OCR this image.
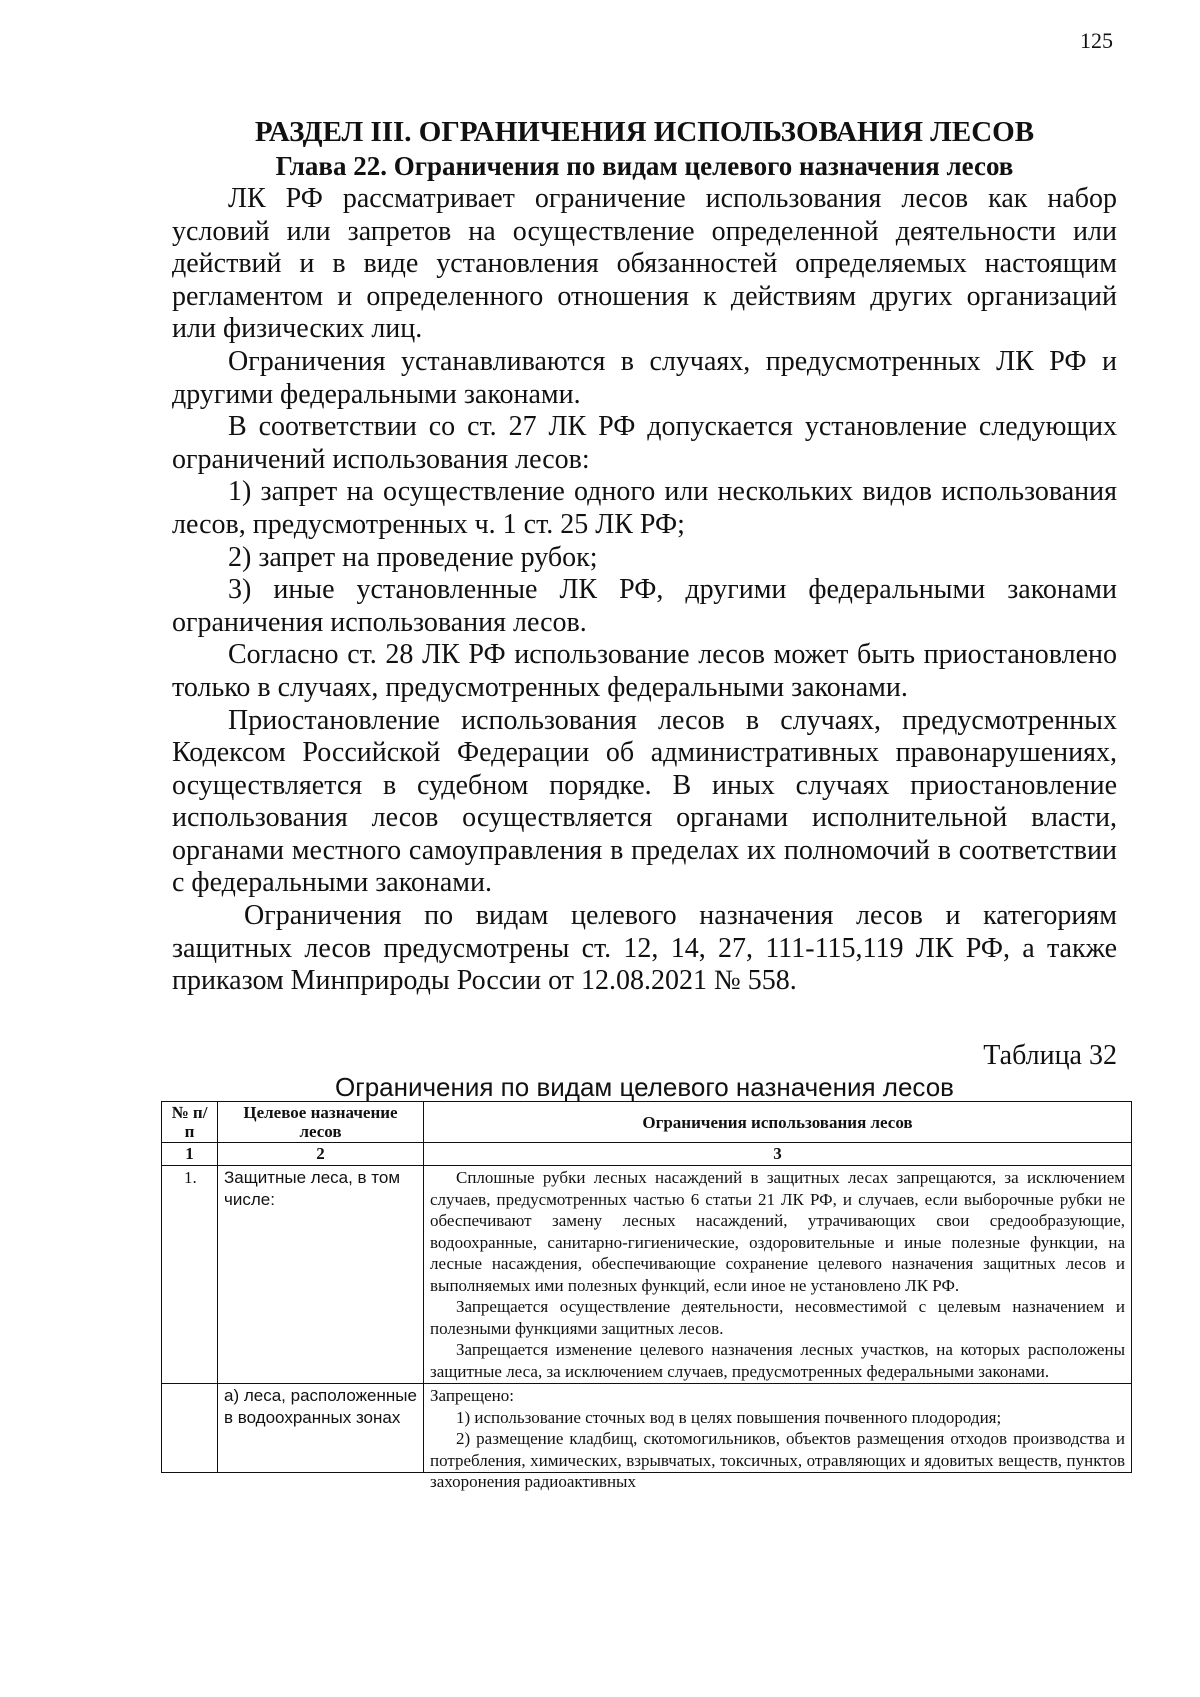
125
РАЗДЕЛ III. ОГРАНИЧЕНИЯ ИСПОЛЬЗОВАНИЯ ЛЕСОВ
Глава 22. Ограничения по видам целевого назначения лесов

ЛК РФ рассматривает ограничение использования лесов как набор условий или запретов на осуществление определенной деятельности или действий и в виде установления обязанностей определяемых настоящим регламентом и определенного отношения к действиям других организаций или физических лиц.

Ограничения устанавливаются в случаях, предусмотренных ЛК РФ и другими федеральными законами.

В соответствии со ст. 27 ЛК РФ допускается установление следующих ограничений использования лесов:

1) запрет на осуществление одного или нескольких видов использования лесов, предусмотренных ч. 1 ст. 25 ЛК РФ;

2) запрет на проведение рубок;

3) иные установленные ЛК РФ, другими федеральными законами ограничения использования лесов.

Согласно ст. 28 ЛК РФ использование лесов может быть приостановлено только в случаях, предусмотренных федеральными законами.

Приостановление использования лесов в случаях, предусмотренных Кодексом Российской Федерации об административных правонарушениях, осуществляется в судебном порядке. В иных случаях приостановление использования лесов осуществляется органами исполнительной власти, органами местного самоуправления в пределах их полномочий в соответствии с федеральными законами.

Ограничения по видам целевого назначения лесов и категориям защитных лесов предусмотрены ст. 12, 14, 27, 111-115,119 ЛК РФ, а также приказом Минприроды России от 12.08.2021 № 558.

Таблица 32
Ограничения по видам целевого назначения лесов
№ п/п	Целевое назначение лесов	Ограничения использования лесов
1	2	3
1.	Защитные леса, в том числе:	Сплошные рубки лесных насаждений в защитных лесах запрещаются, за исключением случаев, предусмотренных частью 6 статьи 21 ЛК РФ, и случаев, если выборочные рубки не обеспечивают замену лесных насаждений, утрачивающих свои средообразующие, водоохранные, санитарно-гигиенические, оздоровительные и иные полезные функции, на лесные насаждения, обеспечивающие сохранение целевого назначения защитных лесов и выполняемых ими полезных функций, если иное не установлено ЛК РФ.

Запрещается осуществление деятельности, несовместимой с целевым назначением и полезными функциями защитных лесов.

Запрещается изменение целевого назначения лесных участков, на которых расположены защитные леса, за исключением случаев, предусмотренных федеральными законами.

	а) леса, расположенные в водоохранных зонах	Запрещено:

1) использование сточных вод в целях повышения почвенного плодородия;

2) размещение кладбищ, скотомогильников, объектов размещения отходов производства и потребления, химических, взрывчатых, токсичных, отравляющих и ядовитых веществ, пунктов захоронения радиоактивных
